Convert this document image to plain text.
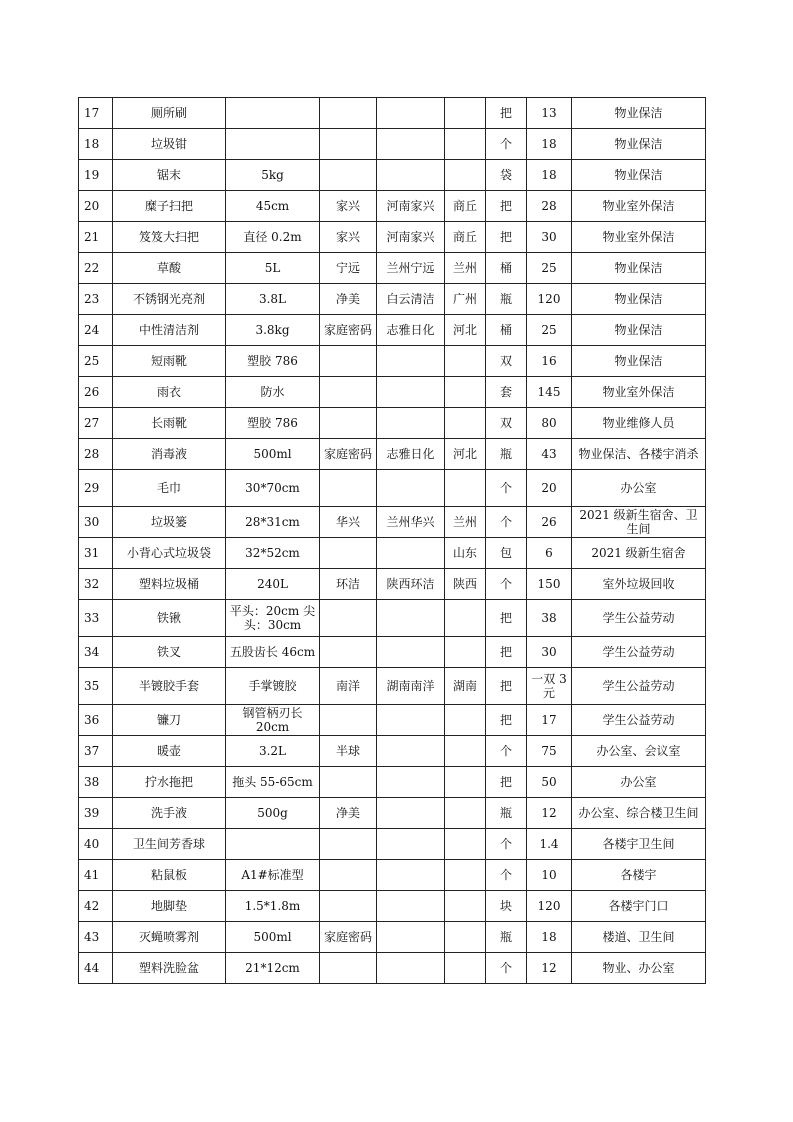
17	厕所刷					把	13	物业保洁
18	垃圾钳					个	18	物业保洁
19	锯末	5kg				袋	18	物业保洁
20	糜子扫把	45cm	家兴	河南家兴	商丘	把	28	物业室外保洁
21	笈笈大扫把	直径 0.2m	家兴	河南家兴	商丘	把	30	物业室外保洁
22	草酸	5L	宁远	兰州宁远	兰州	桶	25	物业保洁
23	不锈钢光亮剂	3.8L	净美	白云清洁	广州	瓶	120	物业保洁
24	中性清洁剂	3.8kg	家庭密码	志雅日化	河北	桶	25	物业保洁
25	短雨靴	塑胶 786				双	16	物业保洁
26	雨衣	防水				套	145	物业室外保洁
27	长雨靴	塑胶 786				双	80	物业维修人员
28	消毒液	500ml	家庭密码	志雅日化	河北	瓶	43	物业保洁、各楼宇消杀
29	毛巾	30*70cm				个	20	办公室
30	垃圾篓	28*31cm	华兴	兰州华兴	兰州	个	26	2021 级新生宿舍、卫生间
31	小背心式垃圾袋	32*52cm			山东	包	6	2021 级新生宿舍
32	塑料垃圾桶	240L	环洁	陕西环洁	陕西	个	150	室外垃圾回收
33	铁锹	平头：20cm 尖头：30cm				把	38	学生公益劳动
34	铁叉	五股齿长 46cm				把	30	学生公益劳动
35	半镀胶手套	手掌镀胶	南洋	湖南南洋	湖南	把	一双 3 元	学生公益劳动
36	镰刀	钢管柄刃长 20cm				把	17	学生公益劳动
37	暖壶	3.2L	半球			个	75	办公室、会议室
38	拧水拖把	拖头 55-65cm				把	50	办公室
39	洗手液	500g	净美			瓶	12	办公室、综合楼卫生间
40	卫生间芳香球					个	1.4	各楼宇卫生间
41	粘鼠板	A1#标准型				个	10	各楼宇
42	地脚垫	1.5*1.8m				块	120	各楼宇门口
43	灭蝇喷雾剂	500ml	家庭密码			瓶	18	楼道、卫生间
44	塑料洗脸盆	21*12cm				个	12	物业、办公室
